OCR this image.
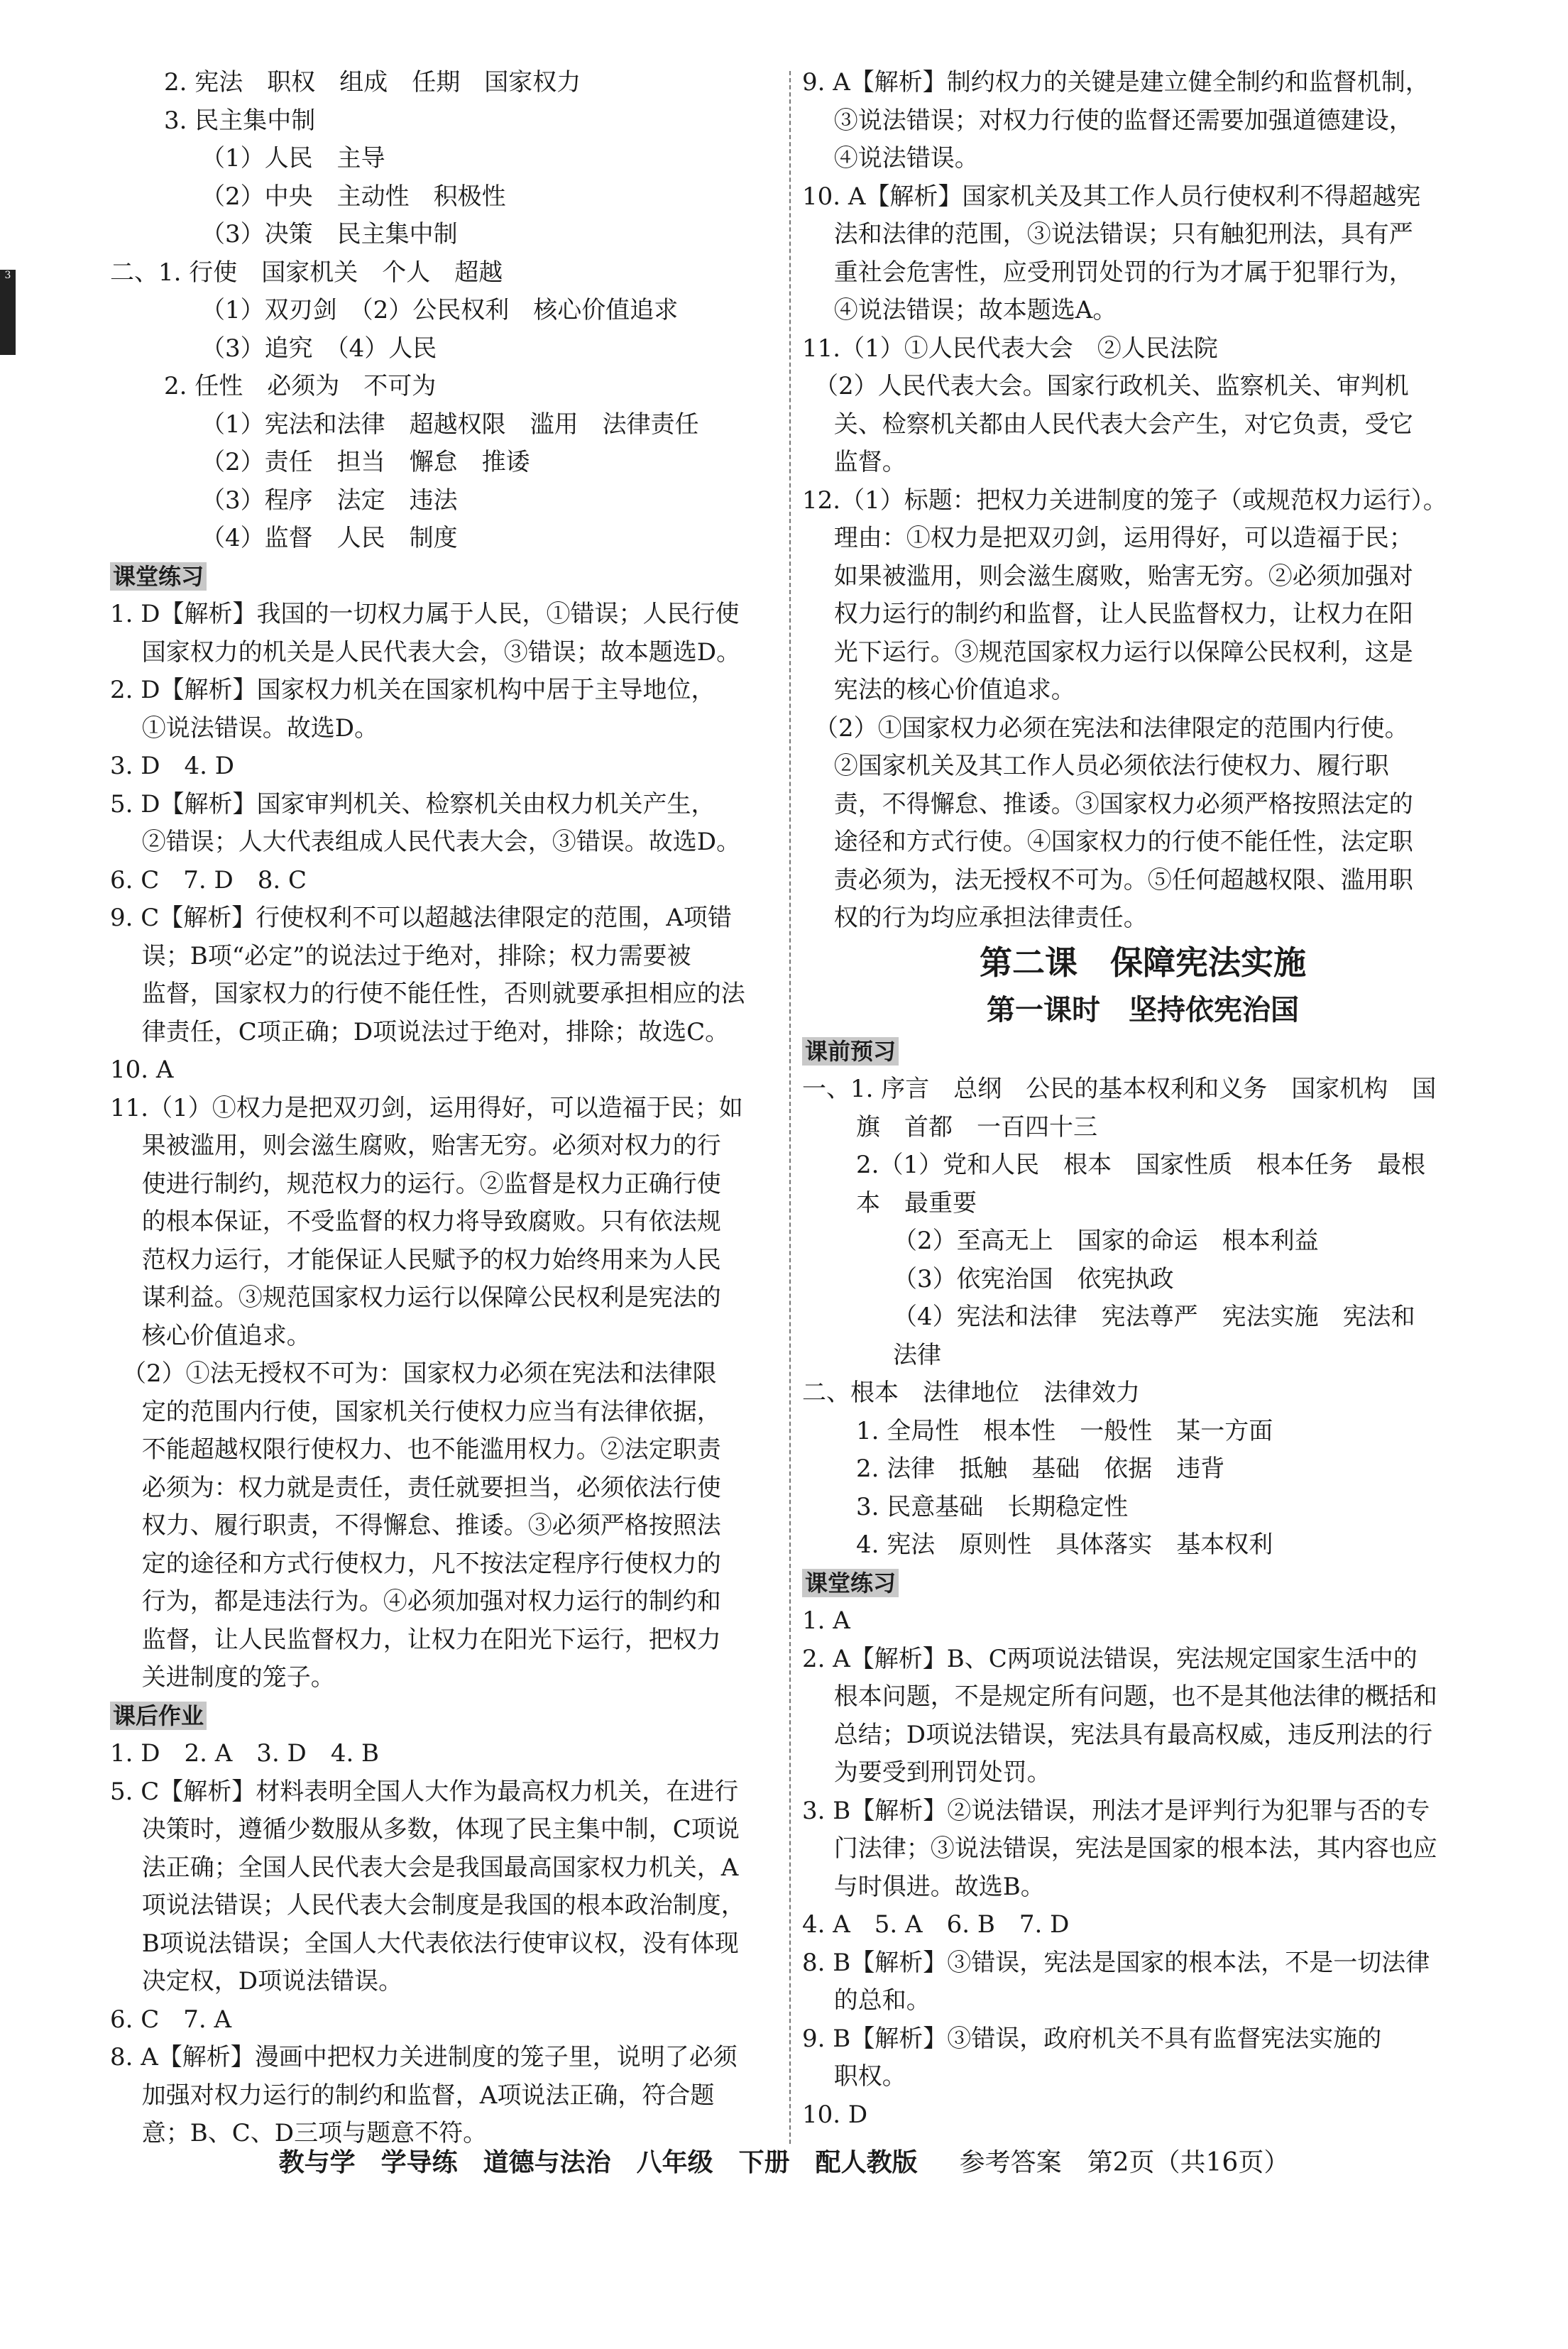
3
2. 宪法　职权　组成　任期　国家权力
3. 民主集中制
（1）人民　主导
（2）中央　主动性　积极性
（3）决策　民主集中制
二、1. 行使　国家机关　个人　超越
（1）双刃剑　（2）公民权利　核心价值追求
（3）追究　（4）人民
2. 任性　必须为　不可为
（1）宪法和法律　超越权限　滥用　法律责任
（2）责任　担当　懈怠　推诿
（3）程序　法定　违法
（4）监督　人民　制度
课堂练习
1. D【解析】我国的一切权力属于人民，①错误；人民行使
　 国家权力的机关是人民代表大会，③错误；故本题选D。
2. D【解析】国家权力机关在国家机构中居于主导地位，
　 ①说法错误。故选D。
3. D　4. D
5. D【解析】国家审判机关、检察机关由权力机关产生，
　 ②错误；人大代表组成人民代表大会，③错误。故选D。
6. C　7. D　8. C
9. C【解析】行使权利不可以超越法律限定的范围，A项错
　 误；B项“必定”的说法过于绝对，排除；权力需要被
　 监督，国家权力的行使不能任性，否则就要承担相应的法
　 律责任，C项正确；D项说法过于绝对，排除；故选C。
10. A
11.（1）①权力是把双刃剑，运用得好，可以造福于民；如
　 果被滥用，则会滋生腐败，贻害无穷。必须对权力的行
　 使进行制约，规范权力的运行。②监督是权力正确行使
　 的根本保证，不受监督的权力将导致腐败。只有依法规
　 范权力运行，才能保证人民赋予的权力始终用来为人民
　 谋利益。③规范国家权力运行以保障公民权利是宪法的
　 核心价值追求。
　（2）①法无授权不可为：国家权力必须在宪法和法律限
　 定的范围内行使，国家机关行使权力应当有法律依据，
　 不能超越权限行使权力、也不能滥用权力。②法定职责
　 必须为：权力就是责任，责任就要担当，必须依法行使
　 权力、履行职责，不得懈怠、推诿。③必须严格按照法
　 定的途径和方式行使权力，凡不按法定程序行使权力的
　 行为，都是违法行为。④必须加强对权力运行的制约和
　 监督，让人民监督权力，让权力在阳光下运行，把权力
　 关进制度的笼子。
课后作业
1. D　2. A　3. D　4. B
5. C【解析】材料表明全国人大作为最高权力机关，在进行
　 决策时，遵循少数服从多数，体现了民主集中制，C项说
　 法正确；全国人民代表大会是我国最高国家权力机关，A
　 项说法错误；人民代表大会制度是我国的根本政治制度，
　 B项说法错误；全国人大代表依法行使审议权，没有体现
　 决定权，D项说法错误。
6. C　7. A
8. A【解析】漫画中把权力关进制度的笼子里，说明了必须
　 加强对权力运行的制约和监督，A项说法正确，符合题
　 意；B、C、D三项与题意不符。
9. A【解析】制约权力的关键是建立健全制约和监督机制，
　 ③说法错误；对权力行使的监督还需要加强道德建设，
　 ④说法错误。
10. A【解析】国家机关及其工作人员行使权利不得超越宪
　 法和法律的范围，③说法错误；只有触犯刑法，具有严
　 重社会危害性，应受刑罚处罚的行为才属于犯罪行为，
　 ④说法错误；故本题选A。
11.（1）①人民代表大会　②人民法院
　（2）人民代表大会。国家行政机关、监察机关、审判机
　 关、检察机关都由人民代表大会产生，对它负责，受它
　 监督。
12.（1）标题：把权力关进制度的笼子（或规范权力运行）。
　 理由：①权力是把双刃剑，运用得好，可以造福于民；
　 如果被滥用，则会滋生腐败，贻害无穷。②必须加强对
　 权力运行的制约和监督，让人民监督权力，让权力在阳
　 光下运行。③规范国家权力运行以保障公民权利，这是
　 宪法的核心价值追求。
　（2）①国家权力必须在宪法和法律限定的范围内行使。
　 ②国家机关及其工作人员必须依法行使权力、履行职
　 责，不得懈怠、推诿。③国家权力必须严格按照法定的
　 途径和方式行使。④国家权力的行使不能任性，法定职
　 责必须为，法无授权不可为。⑤任何超越权限、滥用职
　 权的行为均应承担法律责任。
第二课　保障宪法实施
第一课时　坚持依宪治国
课前预习
一、1. 序言　总纲　公民的基本权利和义务　国家机构　国
旗　首都　一百四十三
2.（1）党和人民　根本　国家性质　根本任务　最根
本　最重要
（2）至高无上　国家的命运　根本利益
（3）依宪治国　依宪执政
（4）宪法和法律　宪法尊严　宪法实施　宪法和
法律
二、根本　法律地位　法律效力
1. 全局性　根本性　一般性　某一方面
2. 法律　抵触　基础　依据　违背
3. 民意基础　长期稳定性
4. 宪法　原则性　具体落实　基本权利
课堂练习
1. A
2. A【解析】B、C两项说法错误，宪法规定国家生活中的
　 根本问题，不是规定所有问题，也不是其他法律的概括和
　 总结；D项说法错误，宪法具有最高权威，违反刑法的行
　 为要受到刑罚处罚。
3. B【解析】②说法错误，刑法才是评判行为犯罪与否的专
　 门法律；③说法错误，宪法是国家的根本法，其内容也应
　 与时俱进。故选B。
4. A　5. A　6. B　7. D
8. B【解析】③错误，宪法是国家的根本法，不是一切法律
　 的总和。
9. B【解析】③错误，政府机关不具有监督宪法实施的
　 职权。
10. D
教与学　学导练　道德与法治　八年级　下册　配人教版 　 参考答案　第2页（共16页）
